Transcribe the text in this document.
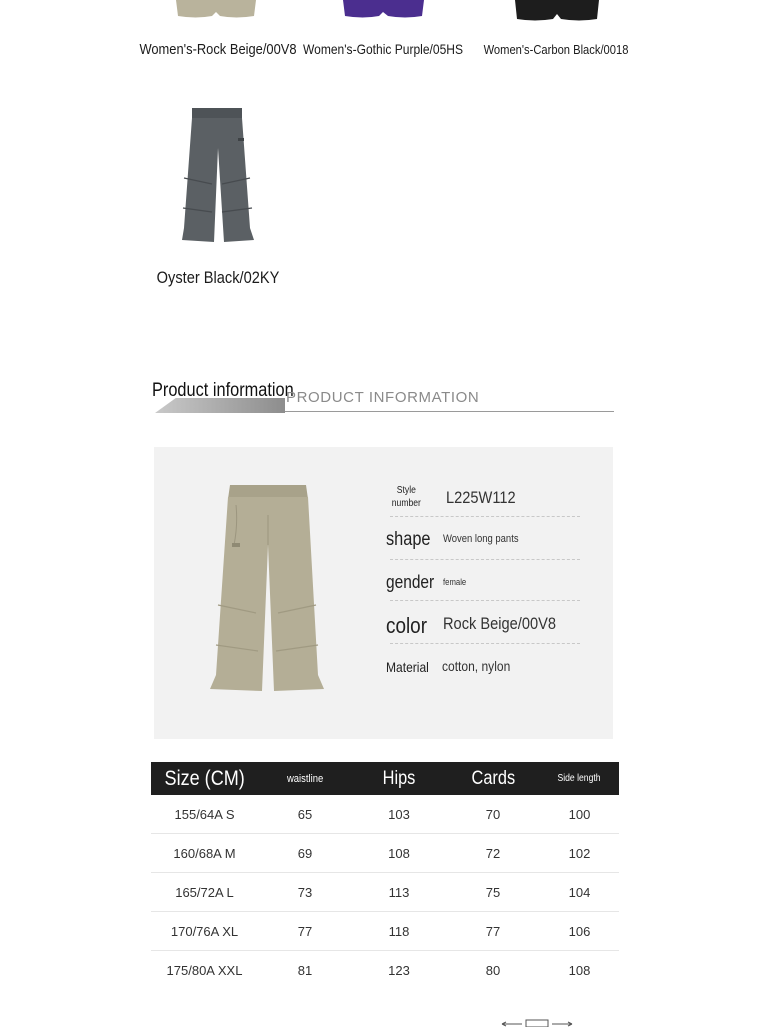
Women's-Rock Beige/00V8 Women's-Gothic Purple/05HS	Women's-Carbon Black/0018
Oyster Black/02KY
Product information
PRODUCT INFORMATION
Style number L225W112
shape Woven long pants
gender female
color Rock Beige/00V8
Material cotton, nylon
Size (CM)	waistline	Hips	Cards	Side length
155/64A S	65	103	70	100
160/68A M	69	108	72	102
165/72A L	73	113	75	104
170/76A XL	77	118	77	106
175/80A XXL	81	123	80	108
